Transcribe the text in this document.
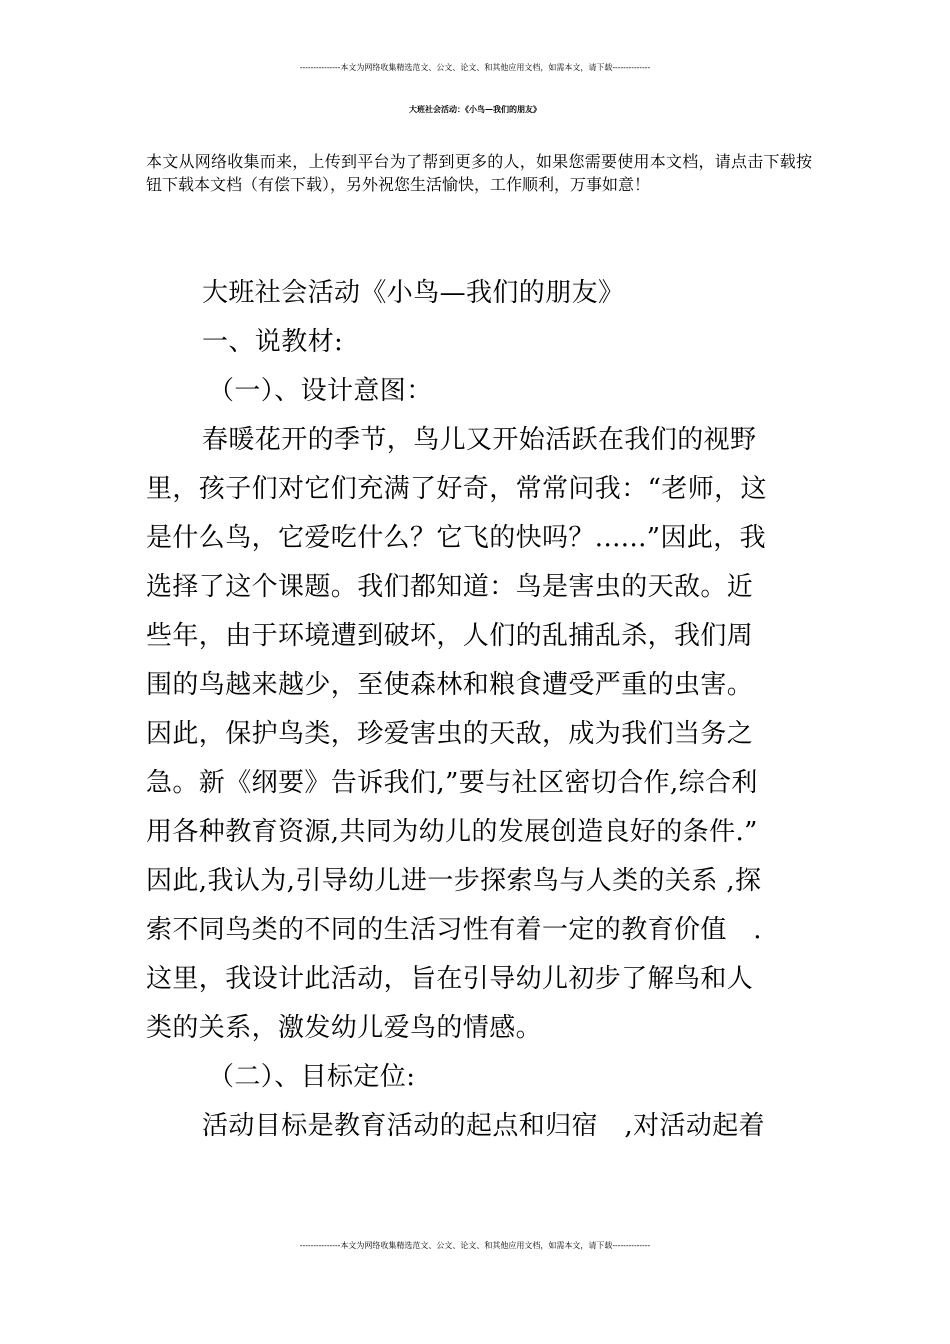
---------------本文为网络收集精选范文、公文、论文、和其他应用文档，如需本文，请下载--------------
大班社会活动：《小鸟—我们的朋友》

本文从网络收集而来，上传到平台为了帮到更多的人，如果您需要使用本文档，请点击下载按钮下载本文档（有偿下载），另外祝您生活愉快，工作顺利，万事如意！

大班社会活动《小鸟—我们的朋友》
一、说教材:
（一）、设计意图：
春暖花开的季节，鸟儿又开始活跃在我们的视野
里，孩子们对它们充满了好奇，常常问我：“老师，这
是什么鸟，它爱吃什么？它飞的快吗？......”因此，我
选择了这个课题。我们都知道：鸟是害虫的天敌。近
些年，由于环境遭到破坏，人们的乱捕乱杀，我们周
围的鸟越来越少，至使森林和粮食遭受严重的虫害。
因此，保护鸟类，珍爱害虫的天敌，成为我们当务之
急。新《纲要》告诉我们,”要与社区密切合作,综合利
用各种教育资源,共同为幼儿的发展创造良好的条件.”
因此,我认为,引导幼儿进一步探索鸟与人类的关系 ,探
索不同鸟类的不同的生活习性有着一定的教育价值　.
这里，我设计此活动，旨在引导幼儿初步了解鸟和人
类的关系，激发幼儿爱鸟的情感。
（二）、目标定位:
活动目标是教育活动的起点和归宿　,对活动起着
---------------本文为网络收集精选范文、公文、论文、和其他应用文档，如需本文，请下载--------------
